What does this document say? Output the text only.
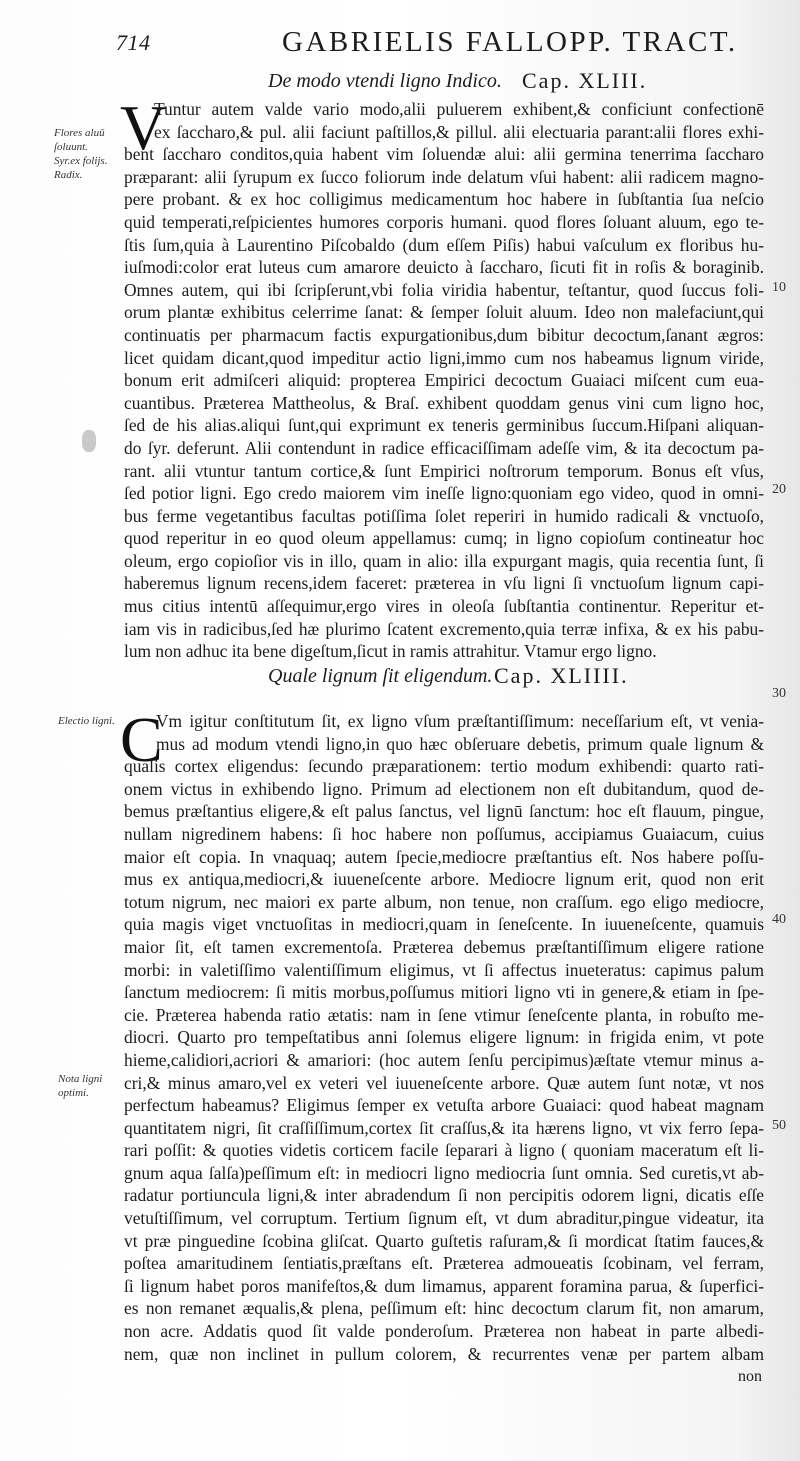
714	GABRIELIS FALLOPP. TRACT.
De modo vtendi ligno Indico. Cap. XLIII.
Flores aluū
ſoluunt.
Syr.ex folijs.
Radix.
V
Tuntur autem valde vario modo,alii puluerem exhibent,& conficiunt confectionē
ex ſaccharo,& pul. alii faciunt paſtillos,& pillul. alii electuaria parant:alii flores exhi-
bent ſaccharo conditos,quia habent vim ſoluendæ alui: alii germina tenerrima ſaccharo
præparant: alii ſyrupum ex ſucco foliorum inde delatum vſui habent: alii radicem magno-
pere probant. & ex hoc colligimus medicamentum hoc habere in ſubſtantia ſua neſcio
quid temperati,reſpicientes humores corporis humani. quod flores ſoluant aluum, ego te-
ſtis ſum,quia à Laurentino Piſcobaldo (dum eſſem Piſis) habui vaſculum ex floribus hu-
iuſmodi:color erat luteus cum amarore deuicto à ſaccharo, ſicuti fit in roſis & boraginib.
Omnes autem, qui ibi ſcripſerunt,vbi folia viridia habentur, teſtantur, quod ſuccus foli-
orum plantæ exhibitus celerrime ſanat: & ſemper ſoluit aluum. Ideo non malefaciunt,qui
continuatis per pharmacum factis expurgationibus,dum bibitur decoctum,ſanant ægros:
licet quidam dicant,quod impeditur actio ligni,immo cum nos habeamus lignum viride,
bonum erit admiſceri aliquid: propterea Empirici decoctum Guaiaci miſcent cum eua-
cuantibus. Præterea Mattheolus, & Braſ. exhibent quoddam genus vini cum ligno hoc,
ſed de his alias.aliqui ſunt,qui exprimunt ex teneris germinibus ſuccum.Hiſpani aliquan-
do ſyr. deferunt. Alii contendunt in radice efficaciſſimam adeſſe vim, & ita decoctum pa-
rant. alii vtuntur tantum cortice,& ſunt Empirici noſtrorum temporum. Bonus eſt vſus,
ſed potior ligni. Ego credo maiorem vim ineſſe ligno:quoniam ego video, quod in omni-
bus ferme vegetantibus facultas potiſſima ſolet reperiri in humido radicali & vnctuoſo,
quod reperitur in eo quod oleum appellamus: cumq; in ligno copioſum contineatur hoc
oleum, ergo copioſior vis in illo, quam in alio: illa expurgant magis, quia recentia ſunt, ſi
haberemus lignum recens,idem faceret: præterea in vſu ligni ſi vnctuoſum lignum capi-
mus citius intentū aſſequimur,ergo vires in oleoſa ſubſtantia continentur. Reperitur et-
iam vis in radicibus,ſed hæ plurimo ſcatent excremento,quia terræ infixa, & ex his pabu-
lum non adhuc ita bene digeſtum,ſicut in ramis attrahitur. Vtamur ergo ligno.
Quale lignum ſit eligendum. Cap. XLIIII.
Electio ligni.
Nota ligni
optimi.
C
Vm igitur conſtitutum ſit, ex ligno vſum præſtantiſſimum: neceſſarium eſt, vt venia-
mus ad modum vtendi ligno,in quo hæc obſeruare debetis, primum quale lignum &
qualis cortex eligendus: ſecundo præparationem: tertio modum exhibendi: quarto rati-
onem victus in exhibendo ligno. Primum ad electionem non eſt dubitandum, quod de-
bemus præſtantius eligere,& eſt palus ſanctus, vel lignū ſanctum: hoc eſt flauum, pingue,
nullam nigredinem habens: ſi hoc habere non poſſumus, accipiamus Guaiacum, cuius
maior eſt copia. In vnaquaq; autem ſpecie,mediocre præſtantius eſt. Nos habere poſſu-
mus ex antiqua,mediocri,& iuueneſcente arbore. Mediocre lignum erit, quod non erit
totum nigrum, nec maiori ex parte album, non tenue, non craſſum. ego eligo mediocre,
quia magis viget vnctuoſitas in mediocri,quam in ſeneſcente. In iuueneſcente, quamuis
maior ſit, eſt tamen excrementoſa. Præterea debemus præſtantiſſimum eligere ratione
morbi: in valetiſſimo valentiſſimum eligimus, vt ſi affectus inueteratus: capimus palum
ſanctum mediocrem: ſi mitis morbus,poſſumus mitiori ligno vti in genere,& etiam in ſpe-
cie. Præterea habenda ratio ætatis: nam in ſene vtimur ſeneſcente planta, in robuſto me-
diocri. Quarto pro tempeſtatibus anni ſolemus eligere lignum: in frigida enim, vt pote
hieme,calidiori,acriori & amariori: (hoc autem ſenſu percipimus)æſtate vtemur minus a-
cri,& minus amaro,vel ex veteri vel iuueneſcente arbore. Quæ autem ſunt notæ, vt nos
perfectum habeamus? Eligimus ſemper ex vetuſta arbore Guaiaci: quod habeat magnam
quantitatem nigri, ſit craſſiſſimum,cortex ſit craſſus,& ita hærens ligno, vt vix ferro ſepa-
rari poſſit: & quoties videtis corticem facile ſeparari à ligno ( quoniam maceratum eſt li-
gnum aqua ſalſa)peſſimum eſt: in mediocri ligno mediocria ſunt omnia. Sed curetis,vt ab-
radatur portiuncula ligni,& inter abradendum ſi non percipitis odorem ligni, dicatis eſſe
vetuſtiſſimum, vel corruptum. Tertium ſignum eſt, vt dum abraditur,pingue videatur, ita
vt præ pinguedine ſcobina gliſcat. Quarto guſtetis raſuram,& ſi mordicat ſtatim fauces,&
poſtea amaritudinem ſentiatis,præſtans eſt. Præterea admoueatis ſcobinam, vel ferram,
ſi lignum habet poros manifeſtos,& dum limamus, apparent foramina parua, & ſuperfici-
es non remanet æqualis,& plena, peſſimum eſt: hinc decoctum clarum fit, non amarum,
non acre. Addatis quod ſit valde ponderoſum. Præterea non habeat in parte albedi-
nem, quæ non inclinet in pullum colorem, & recurrentes venæ per partem albam
non
10
20
30
40
50
